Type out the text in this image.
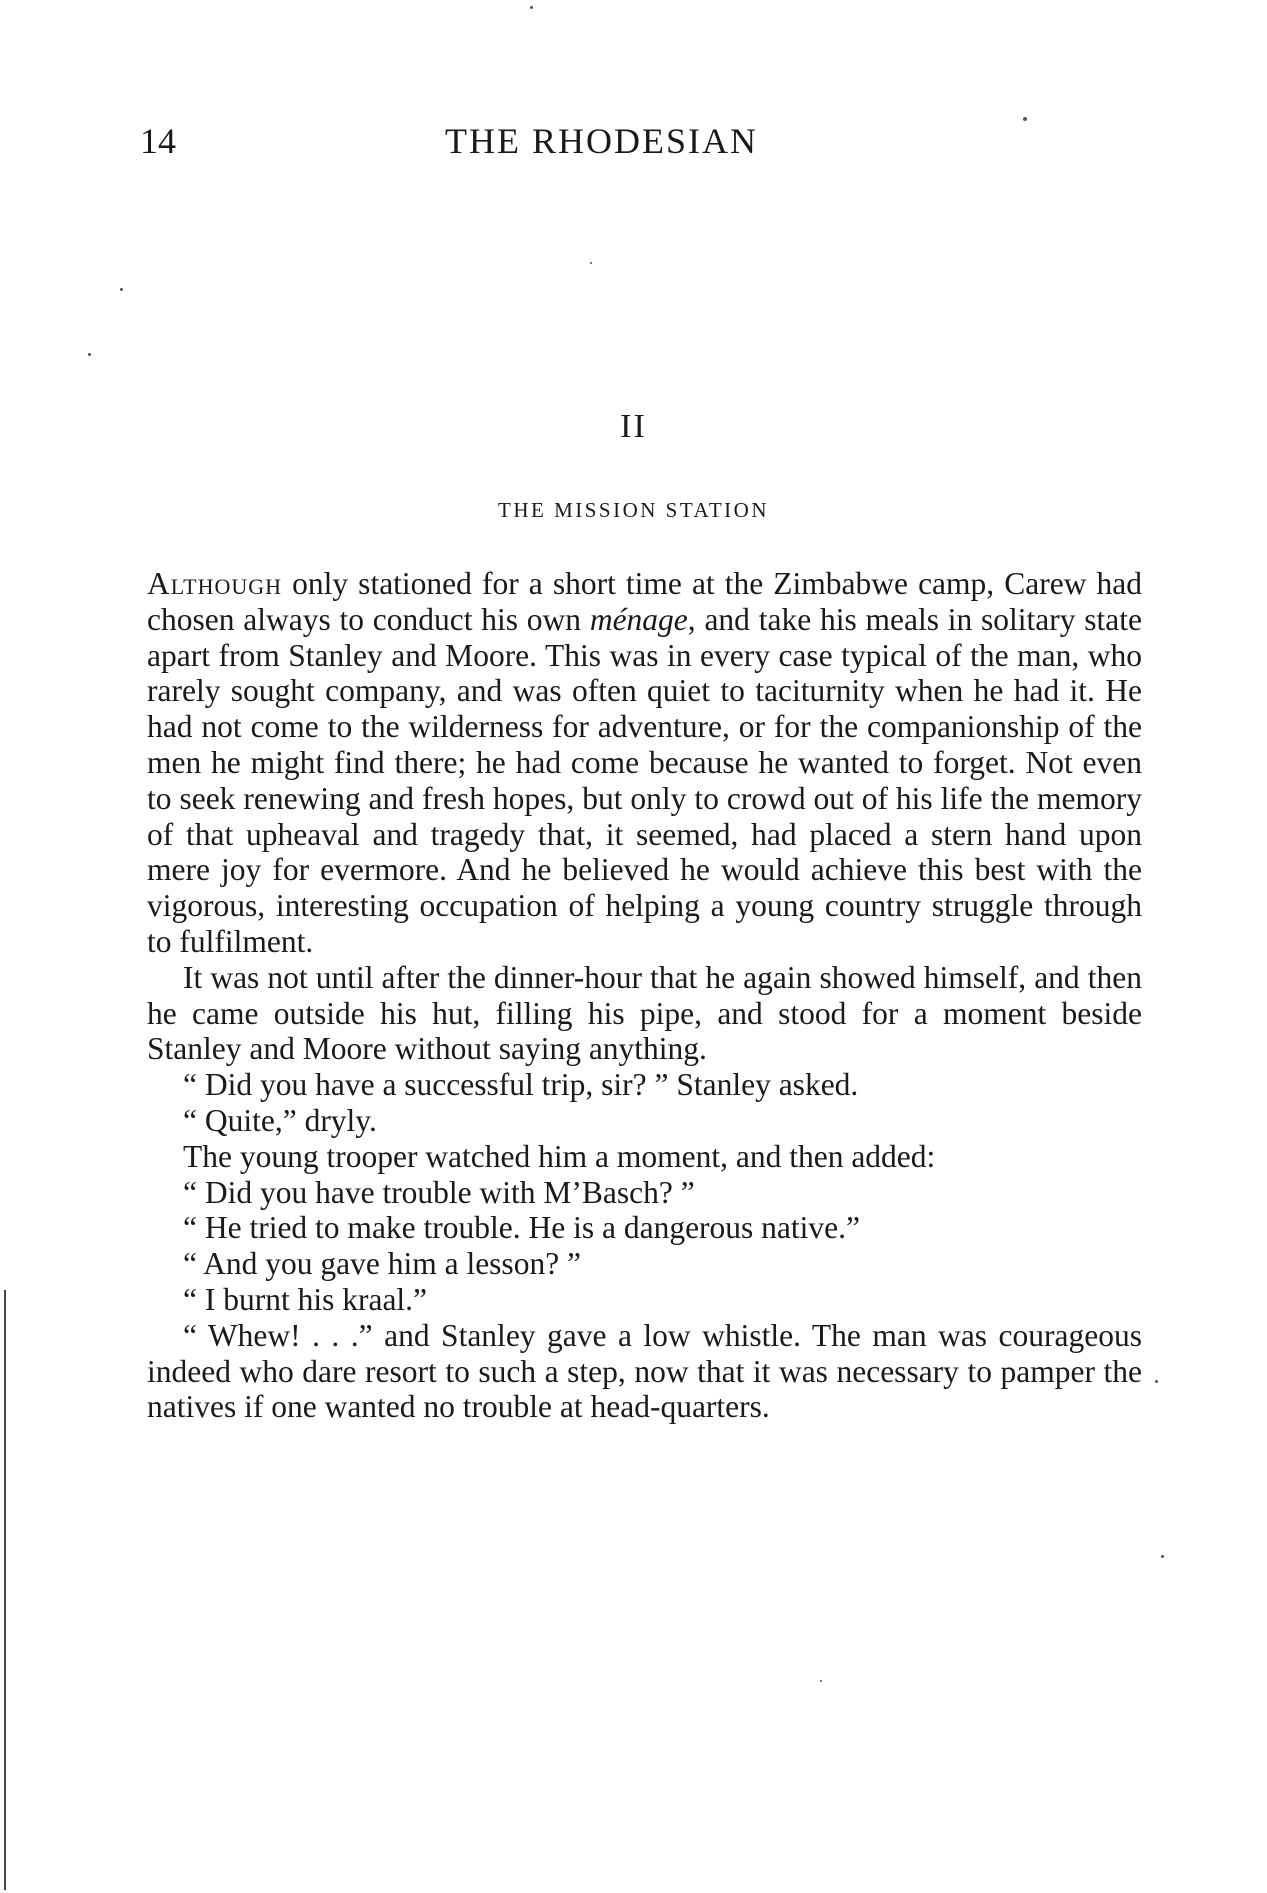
14	THE RHODESIAN
II
THE MISSION STATION

Although only stationed for a short time at the Zimbabwe camp, Carew had chosen always to conduct his own ménage, and take his meals in solitary state apart from Stanley and Moore. This was in every case typical of the man, who rarely sought company, and was often quiet to taciturnity when he had it. He had not come to the wilderness for adventure, or for the companionship of the men he might find there; he had come because he wanted to forget. Not even to seek renewing and fresh hopes, but only to crowd out of his life the memory of that upheaval and tragedy that, it seemed, had placed a stern hand upon mere joy for evermore. And he believed he would achieve this best with the vigorous, interesting occupation of helping a young country struggle through to fulfilment.

It was not until after the dinner-hour that he again showed himself, and then he came outside his hut, filling his pipe, and stood for a moment beside Stanley and Moore without saying anything.

“ Did you have a successful trip, sir? ” Stanley asked.

“ Quite,” dryly.

The young trooper watched him a moment, and then added:

“ Did you have trouble with M’Basch? ”

“ He tried to make trouble. He is a dangerous native.”

“ And you gave him a lesson? ”

“ I burnt his kraal.”

“ Whew! . . .” and Stanley gave a low whistle. The man was courageous indeed who dare resort to such a step, now that it was necessary to pamper the natives if one wanted no trouble at head-quarters.
